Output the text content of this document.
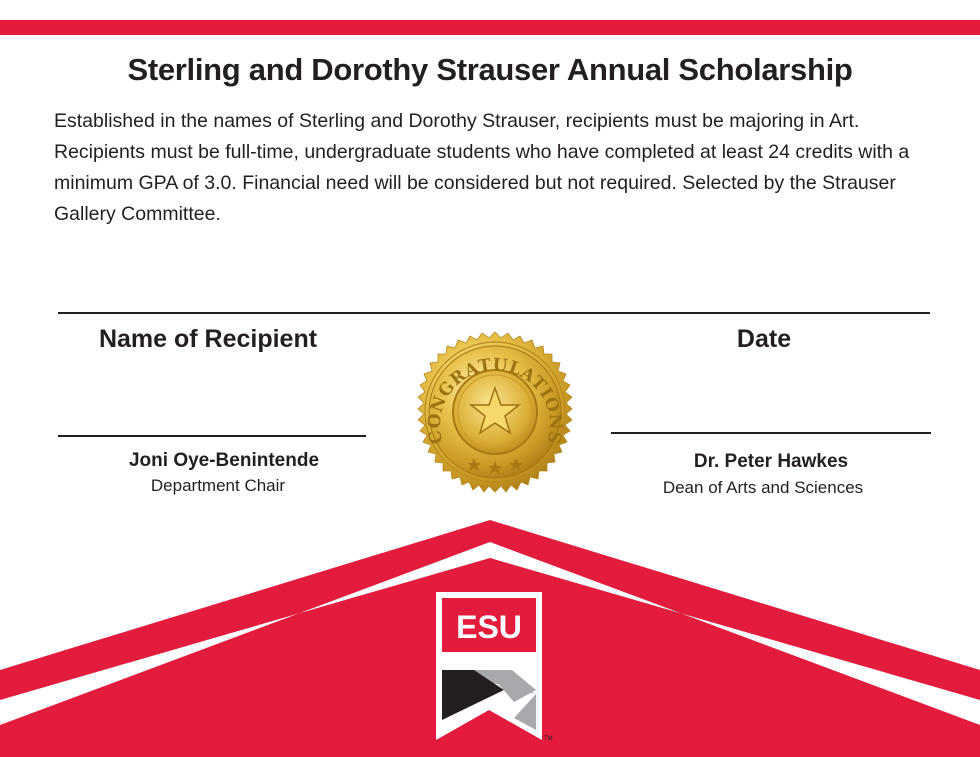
Sterling and Dorothy Strauser Annual Scholarship
Established in the names of Sterling and Dorothy Strauser, recipients must be majoring in Art. Recipients must be full-time, undergraduate students who have completed at least 24 credits with a minimum GPA of 3.0. Financial need will be considered but not required. Selected by the Strauser Gallery Committee.
Name of Recipient	Date
Joni Oye-Benintende
Department Chair
Dr. Peter Hawkes
Dean of Arts and Sciences
CONGRATULATIONS
ESU
TM
